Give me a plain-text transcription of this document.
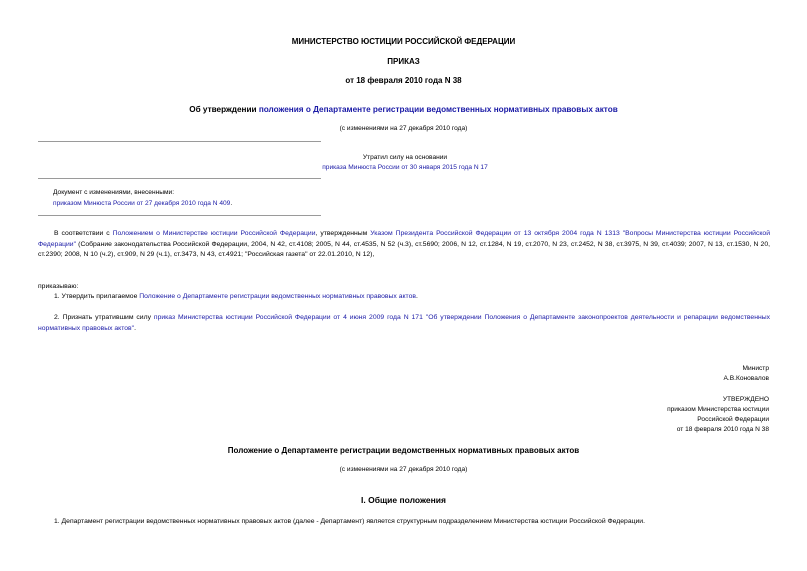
МИНИСТЕРСТВО ЮСТИЦИИ РОССИЙСКОЙ ФЕДЕРАЦИИ
ПРИКАЗ
от 18 февраля 2010 года N 38
Об утверждении положения о Департаменте регистрации ведомственных нормативных правовых актов
(с изменениями на 27 декабря 2010 года)
Утратил силу на основании
приказа Минюста России от 30 января 2015 года N 17
Документ с изменениями, внесенными:
приказом Минюста России от 27 декабря 2010 года N 409.
В соответствии с Положением о Министерстве юстиции Российской Федерации, утвержденным Указом Президента Российской Федерации от 13 октября 2004 года N 1313 "Вопросы Министерства юстиции Российской Федерации" (Собрание законодательства Российской Федерации, 2004, N 42, ст.4108; 2005, N 44, ст.4535, N 52 (ч.3), ст.5690; 2006, N 12, ст.1284, N 19, ст.2070, N 23, ст.2452, N 38, ст.3975, N 39, ст.4039; 2007, N 13, ст.1530, N 20, ст.2390; 2008, N 10 (ч.2), ст.909, N 29 (ч.1), ст.3473, N 43, ст.4921; "Российская газета" от 22.01.2010, N 12),
приказываю:
1. Утвердить прилагаемое Положение о Департаменте регистрации ведомственных нормативных правовых актов.
2. Признать утратившим силу приказ Министерства юстиции Российской Федерации от 4 июня 2009 года N 171 "Об утверждении Положения о Департаменте законопроектов деятельности и репарации ведомственных нормативных правовых актов".
Министр
А.В.Коновалов
УТВЕРЖДЕНО
приказом Министерства юстиции
Российской Федерации
от 18 февраля 2010 года N 38
Положение о Департаменте регистрации ведомственных нормативных правовых актов
(с изменениями на 27 декабря 2010 года)
I. Общие положения
1. Департамент регистрации ведомственных нормативных правовых актов (далее - Департамент) является структурным подразделением Министерства юстиции Российской Федерации.
